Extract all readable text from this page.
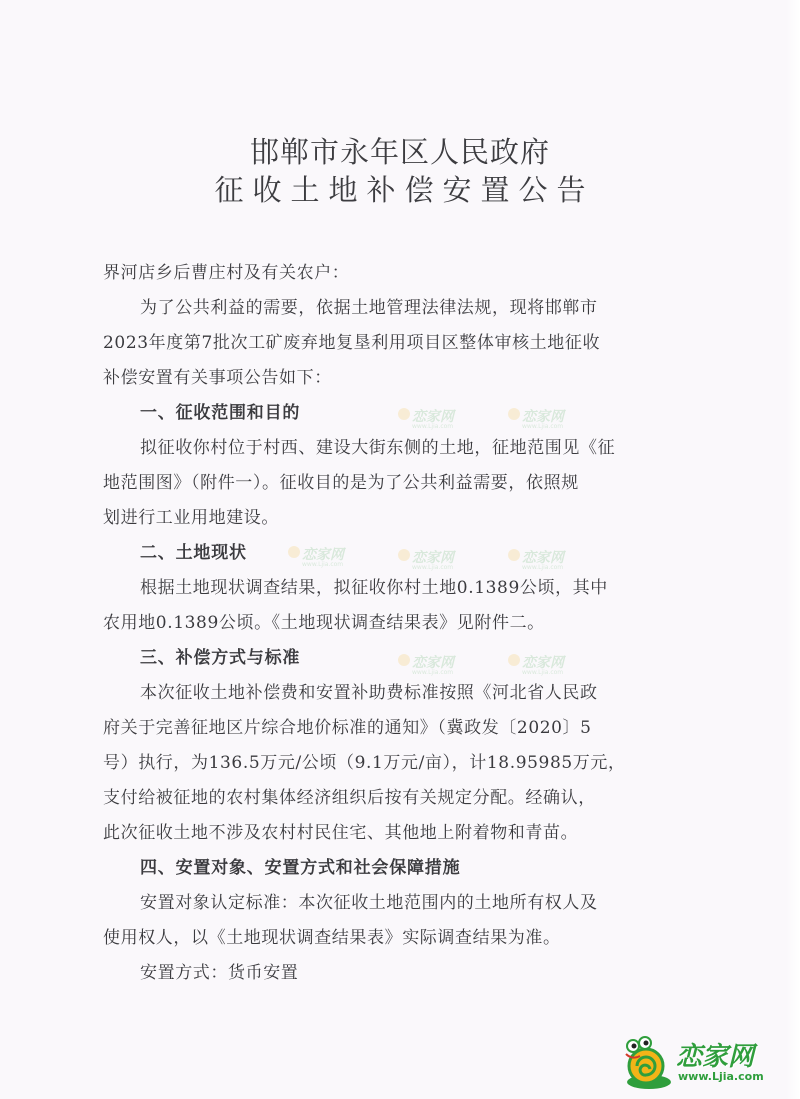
邯郸市永年区人民政府
征收土地补偿安置公告
界河店乡后曹庄村及有关农户：
为了公共利益的需要，依据土地管理法律法规，现将邯郸市
2023年度第7批次工矿废弃地复垦利用项目区整体审核土地征收
补偿安置有关事项公告如下：
一、征收范围和目的
拟征收你村位于村西、建设大街东侧的土地，征地范围见《征
地范围图》（附件一）。征收目的是为了公共利益需要，依照规
划进行工业用地建设。
二、土地现状
根据土地现状调查结果，拟征收你村土地0.1389公顷，其中
农用地0.1389公顷。《土地现状调查结果表》见附件二。
三、补偿方式与标准
本次征收土地补偿费和安置补助费标准按照《河北省人民政
府关于完善征地区片综合地价标准的通知》（冀政发〔2020〕5
号）执行，为136.5万元/公顷（9.1万元/亩），计18.95985万元，
支付给被征地的农村集体经济组织后按有关规定分配。经确认，
此次征收土地不涉及农村村民住宅、其他地上附着物和青苗。
四、安置对象、安置方式和社会保障措施
安置对象认定标准：本次征收土地范围内的土地所有权人及
使用权人，以《土地现状调查结果表》实际调查结果为准。
安置方式：货币安置
恋家网
www.Ljia.com
恋家网
www.Ljia.com
恋家网
www.Ljia.com	恋家网
www.Ljia.com
恋家网
www.Ljia.com
恋家网
www.Ljia.com
恋家网
www.Ljia.com
恋家网
www.Ljia.com
